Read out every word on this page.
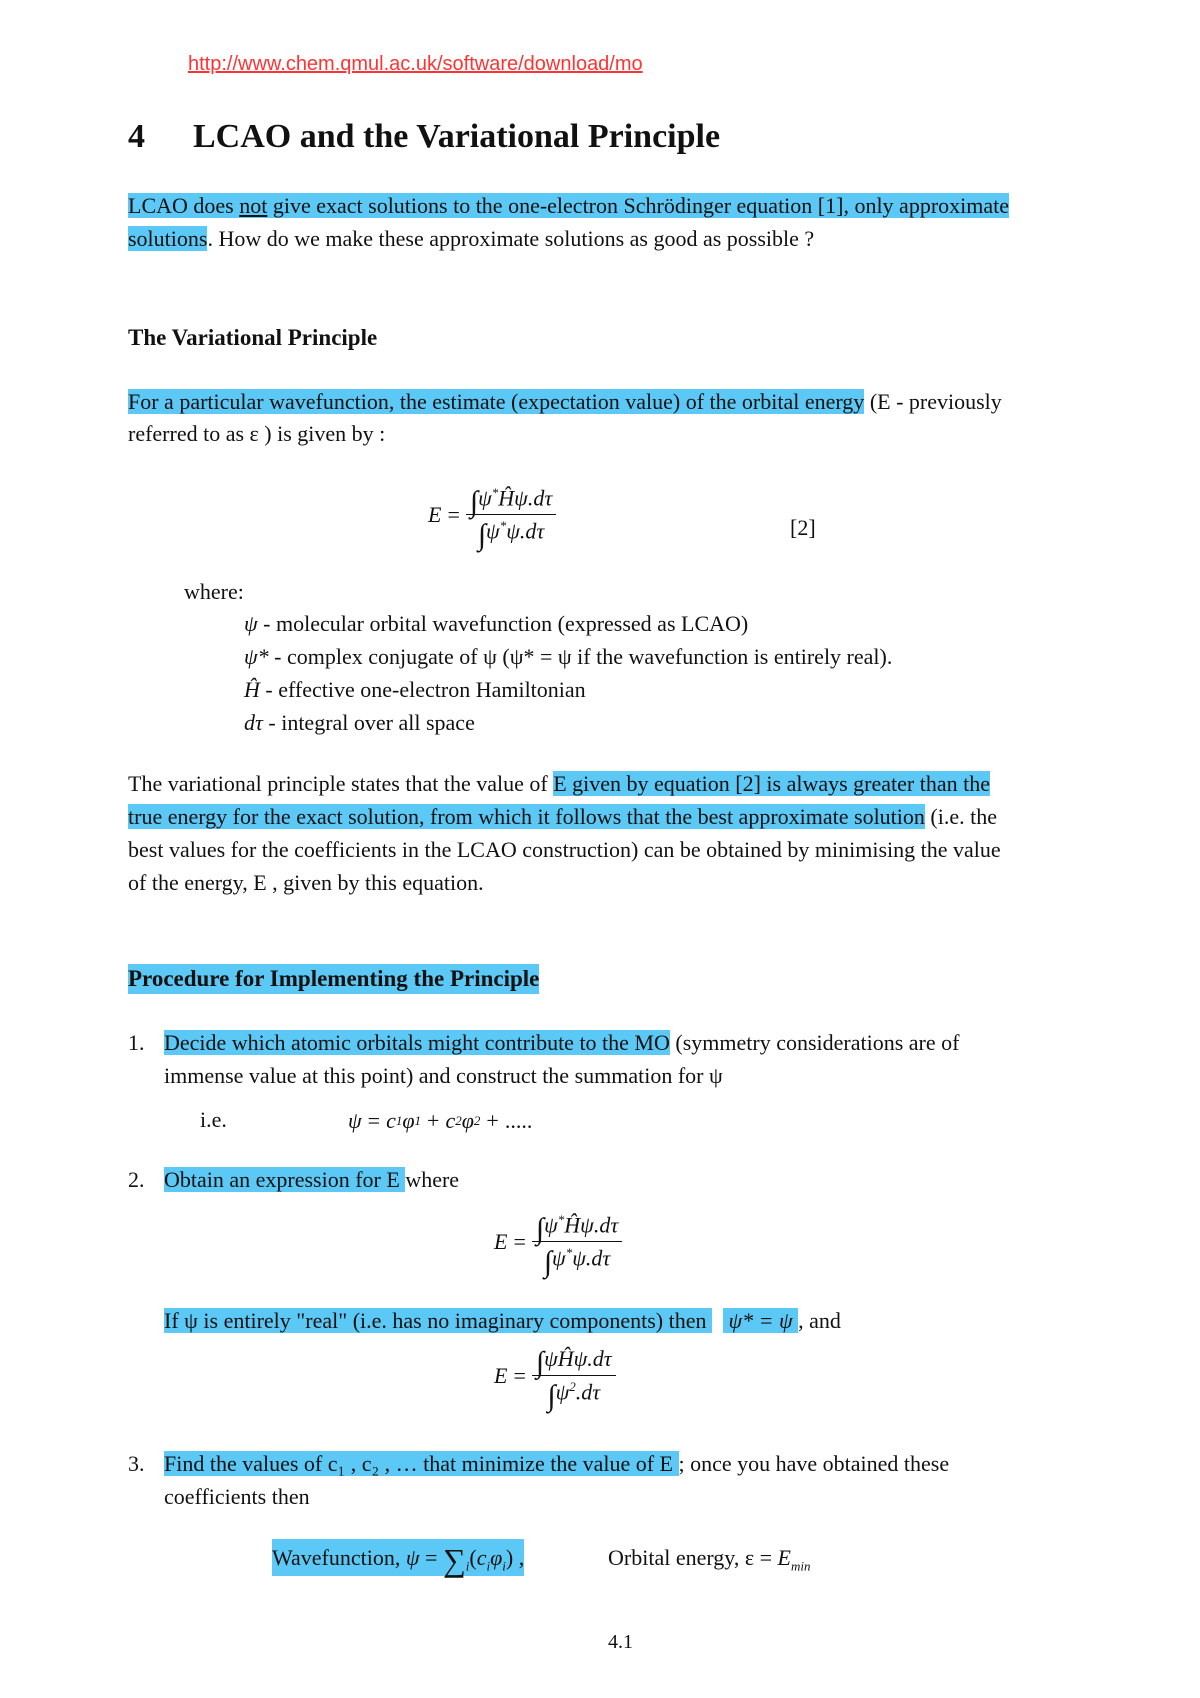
http://www.chem.qmul.ac.uk/software/download/mo
4 LCAO and the Variational Principle
LCAO does not give exact solutions to the one-electron Schrödinger equation [1], only approximate
solutions. How do we make these approximate solutions as good as possible ?
The Variational Principle
For a particular wavefunction, the estimate (expectation value) of the orbital energy (E - previously
referred to as ε ) is given by :
$E = \frac{\int\psi^*Ĥ\psi.d\tau}{\int\psi^*\psi.d\tau}$	[2]
where:
ψ - molecular orbital wavefunction (expressed as LCAO)
ψ* - complex conjugate of ψ (ψ* = ψ if the wavefunction is entirely real).
Ĥ - effective one-electron Hamiltonian
dτ - integral over all space
The variational principle states that the value of E given by equation [2] is always greater than the
true energy for the exact solution, from which it follows that the best approximate solution (i.e. the
best values for the coefficients in the LCAO construction) can be obtained by minimising the value
of the energy, E , given by this equation.
Procedure for Implementing the Principle
1. Decide which atomic orbitals might contribute to the MO (symmetry considerations are of
immense value at this point) and construct the summation for ψ
i.e.	ψ = c 1 φ 1 + c 2 φ 2 + .....
2. Obtain an expression for E where
$E = \frac{\int\psi^*Ĥ\psi.d\tau}{\int\psi^*\psi.d\tau}$
If ψ is entirely "real" (i.e. has no imaginary components) then    ψ* = ψ , and
$E = \frac{\text{∫ψĤψ.dτ}}{\int\psi^2.d\tau}$
3. Find the values of c₁ , c₂ , … that minimize the value of E ; once you have obtained these
coefficients then
Wavefunction, $\psi = \sum_i(c_i\varphi_i)$ ,	Orbital energy, $\varepsilon = E_{min}$
4.1
